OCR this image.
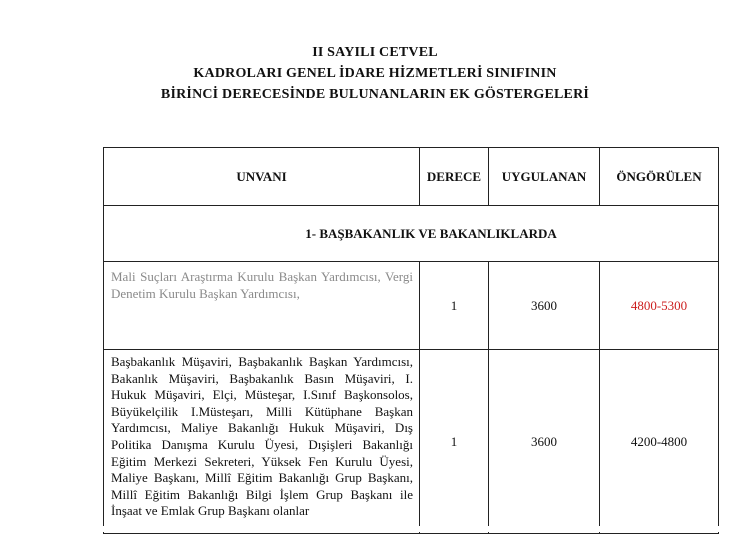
II SAYILI CETVEL
KADROLARI GENEL İDARE HİZMETLERİ SINIFININ
BİRİNCİ DERECESİNDE BULUNANLARIN EK GÖSTERGELERİ
UNVANI	DERECE	UYGULANAN	ÖNGÖRÜLEN
1- BAŞBAKANLIK VE BAKANLIKLARDA			
Mali Suçları Araştırma Kurulu Başkan Yardımcısı, Vergi Denetim Kurulu Başkan Yardımcısı,	1	3600	4800-5300
Başbakanlık Müşaviri, Başbakanlık Başkan Yardımcısı, Bakanlık Müşaviri, Başbakanlık Basın Müşaviri, I. Hukuk Müşaviri, Elçi, Müsteşar, I.Sınıf Başkonsolos, Büyükelçilik I.Müsteşarı, Milli Kütüphane Başkan Yardımcısı, Maliye Bakanlığı Hukuk Müşaviri, Dış Politika Danışma Kurulu Üyesi, Dışişleri Bakanlığı Eğitim Merkezi Sekreteri, Yüksek Fen Kurulu Üyesi, Maliye Başkanı, Millî Eğitim Bakanlığı Grup Başkanı, Millî Eğitim Bakanlığı Bilgi İşlem Grup Başkanı ile İnşaat ve Emlak Grup Başkanı olanlar	1	3600	4200-4800
